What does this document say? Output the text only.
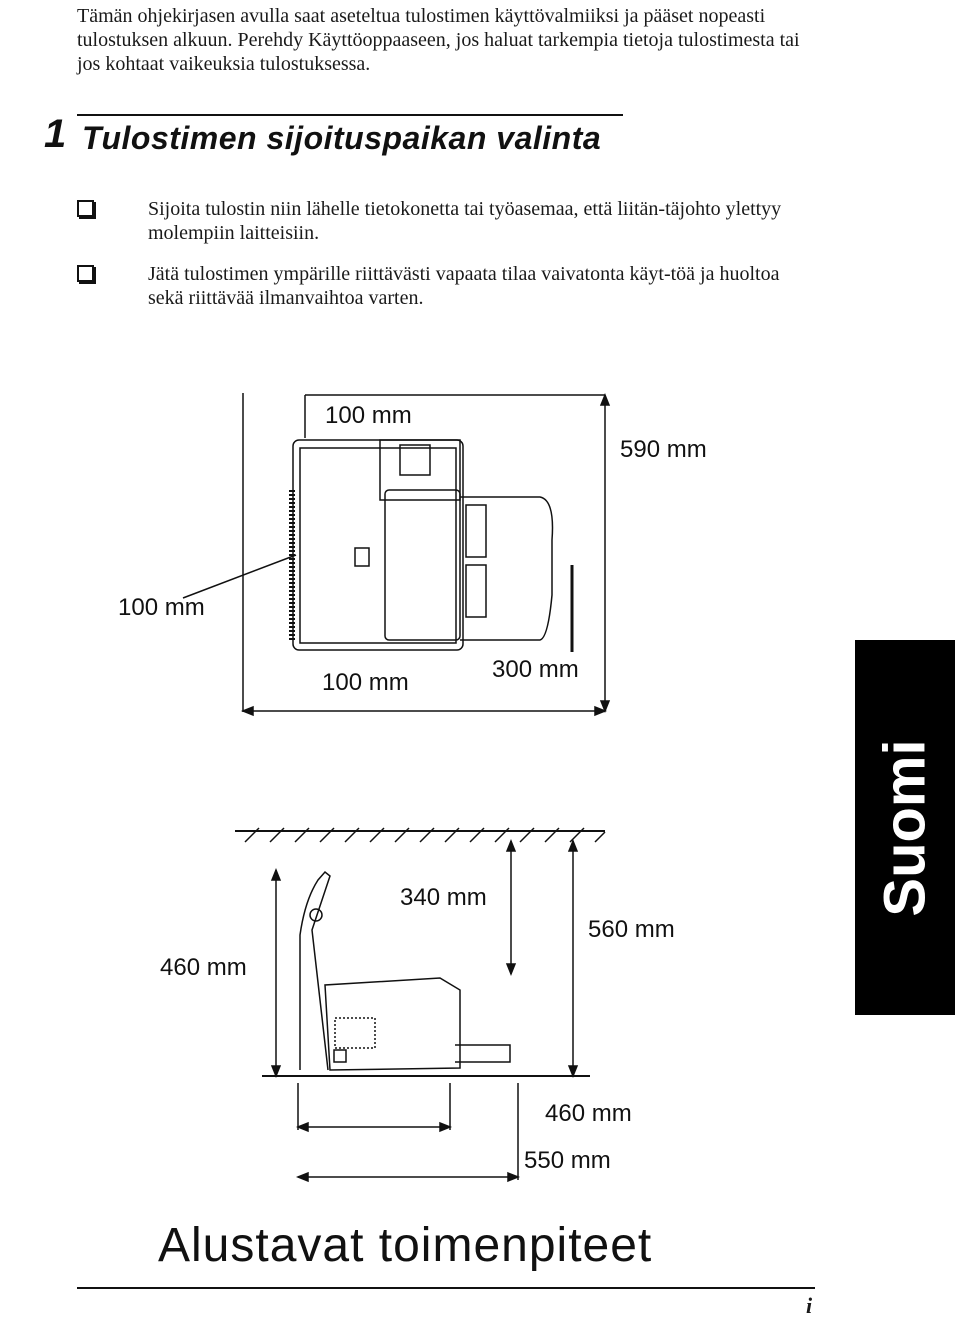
Tämän ohjekirjasen avulla saat aseteltua tulostimen käyttövalmiiksi ja pääset nopeasti tulostuksen alkuun. Perehdy Käyttöoppaaseen, jos haluat tarkempia tietoja tulostimesta tai jos kohtaat vaikeuksia tulostuksessa.

1 Tulostimen sijoituspaikan valinta
Sijoita tulostin niin lähelle tietokonetta tai työasemaa, että liitän-täjohto ylettyy molempiin laitteisiin.
Jätä tulostimen ympärille riittävästi vapaata tilaa vaivatonta käyt-töä ja huoltoa sekä riittävää ilmanvaihtoa varten.
100 mm
590 mm
100 mm
100 mm	300 mm
460 mm
340 mm
560 mm
460 mm
550 mm
Suomi
Alustavat toimenpiteet
i
